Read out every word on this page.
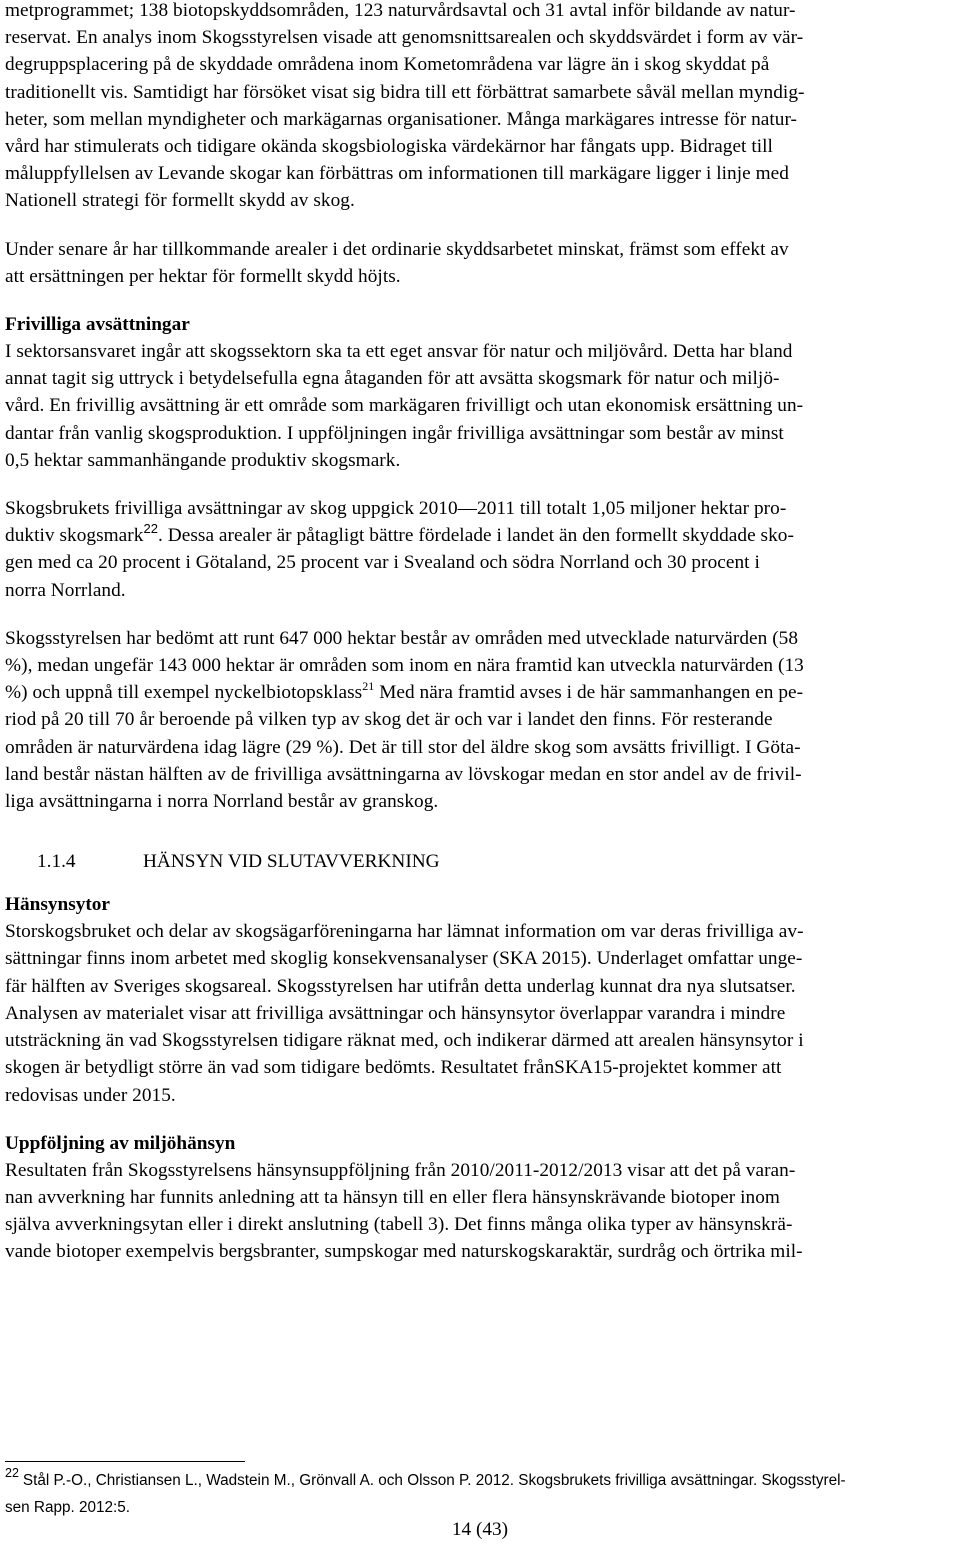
metprogrammet; 138 biotopskyddsområden, 123 naturvårdsavtal och 31 avtal inför bildande av natur-
reservat. En analys inom Skogsstyrelsen visade att genomsnittsarealen och skyddsvärdet i form av vär-
degruppsplacering på de skyddade områdena inom Kometområdena var lägre än i skog skyddat på
traditionellt vis. Samtidigt har försöket visat sig bidra till ett förbättrat samarbete såväl mellan myndig-
heter, som mellan myndigheter och markägarnas organisationer. Många markägares intresse för natur-
vård har stimulerats och tidigare okända skogsbiologiska värdekärnor har fångats upp. Bidraget till
måluppfyllelsen av Levande skogar kan förbättras om informationen till markägare ligger i linje med
Nationell strategi för formellt skydd av skog.

Under senare år har tillkommande arealer i det ordinarie skyddsarbetet minskat, främst som effekt av
att ersättningen per hektar för formellt skydd höjts.

Frivilliga avsättningar

I sektorsansvaret ingår att skogssektorn ska ta ett eget ansvar för natur och miljövård. Detta har bland
annat tagit sig uttryck i betydelsefulla egna åtaganden för att avsätta skogsmark för natur och miljö-
vård. En frivillig avsättning är ett område som markägaren frivilligt och utan ekonomisk ersättning un-
dantar från vanlig skogsproduktion. I uppföljningen ingår frivilliga avsättningar som består av minst
0,5 hektar sammanhängande produktiv skogsmark.

Skogsbrukets frivilliga avsättningar av skog uppgick 2010—2011 till totalt 1,05 miljoner hektar pro-
duktiv skogsmark$^{22}$. Dessa arealer är påtagligt bättre fördelade i landet än den formellt skyddade sko-
gen med ca 20 procent i Götaland, 25 procent var i Svealand och södra Norrland och 30 procent i
norra Norrland.

Skogsstyrelsen har bedömt att runt 647 000 hektar består av områden med utvecklade naturvärden (58
%), medan ungefär 143 000 hektar är områden som inom en nära framtid kan utveckla naturvärden (13
%) och uppnå till exempel nyckelbiotopsklass$^{21}$ Med nära framtid avses i de här sammanhangen en pe-
riod på 20 till 70 år beroende på vilken typ av skog det är och var i landet den finns. För resterande
områden är naturvärdena idag lägre (29 %). Det är till stor del äldre skog som avsätts frivilligt. I Göta-
land består nästan hälften av de frivilliga avsättningarna av lövskogar medan en stor andel av de frivil-
liga avsättningarna i norra Norrland består av granskog.

1.1.4	HÄNSYN VID SLUTAVVERKNING

Hänsynsytor

Storskogsbruket och delar av skogsägarföreningarna har lämnat information om var deras frivilliga av-
sättningar finns inom arbetet med skoglig konsekvensanalyser (SKA 2015). Underlaget omfattar unge-
fär hälften av Sveriges skogsareal. Skogsstyrelsen har utifrån detta underlag kunnat dra nya slutsatser.
Analysen av materialet visar att frivilliga avsättningar och hänsynsytor överlappar varandra i mindre
utsträckning än vad Skogsstyrelsen tidigare räknat med, och indikerar därmed att arealen hänsynsytor i
skogen är betydligt större än vad som tidigare bedömts. Resultatet frånSKA15-projektet kommer att
redovisas under 2015.

Uppföljning av miljöhänsyn

Resultaten från Skogsstyrelsens hänsynsuppföljning från 2010/2011-2012/2013 visar att det på varan-
nan avverkning har funnits anledning att ta hänsyn till en eller flera hänsynskrävande biotoper inom
själva avverkningsytan eller i direkt anslutning (tabell 3). Det finns många olika typer av hänsynskrä-
vande biotoper exempelvis bergsbranter, sumpskogar med naturskogskaraktär, surdråg och örtrika mil-

$^{22}$ Stål P.-O., Christiansen L., Wadstein M., Grönvall A. och Olsson P. 2012. Skogsbrukets frivilliga avsättningar. Skogsstyrel-
sen Rapp. 2012:5.
14 (43)
